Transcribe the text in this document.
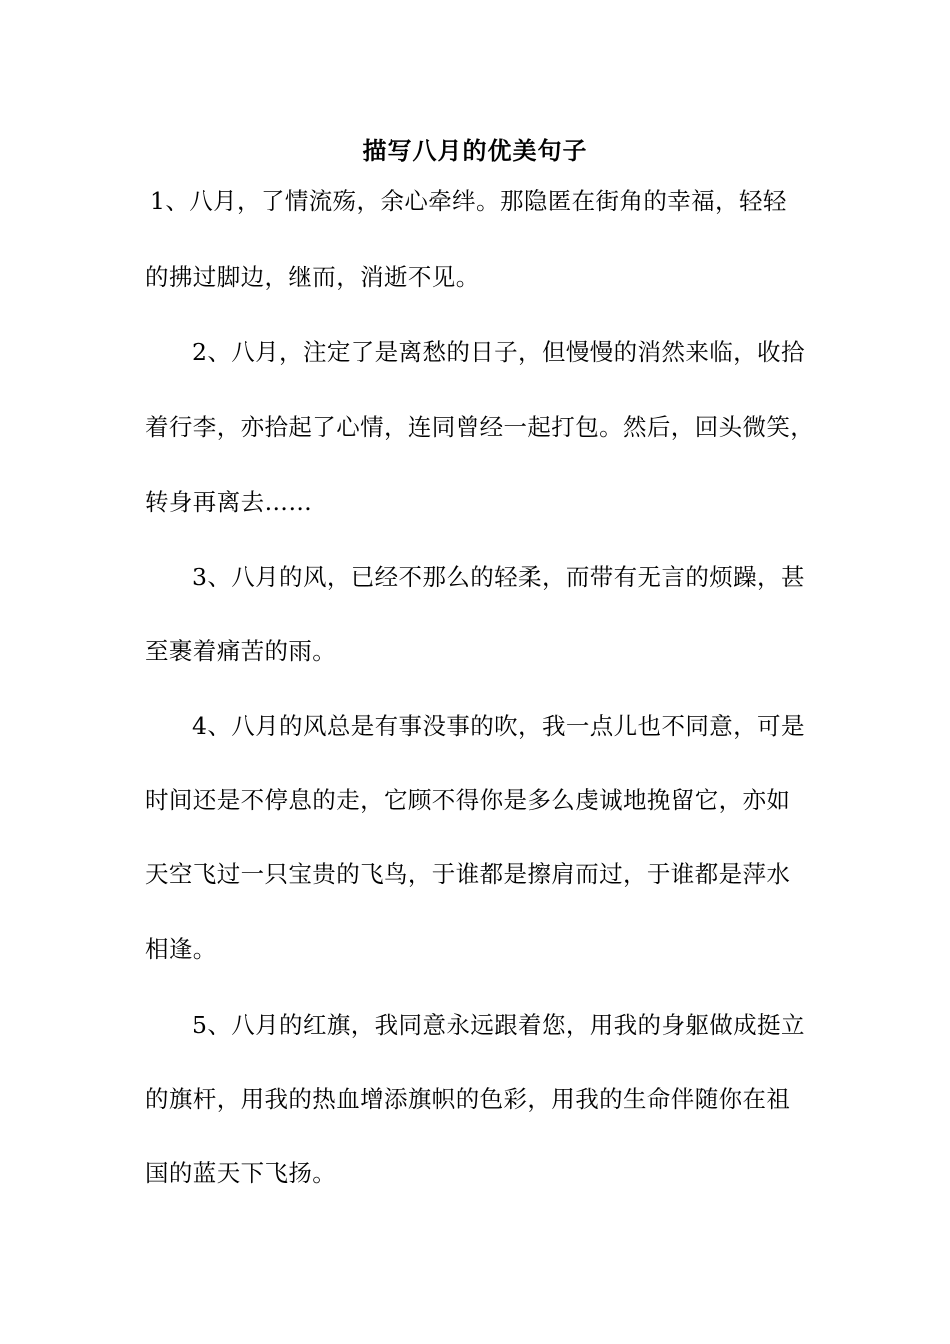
描写八月的优美句子
1、八月，了情流殇，余心牵绊。那隐匿在街角的幸福，轻轻
的拂过脚边，继而，消逝不见。
2、八月，注定了是离愁的日子，但慢慢的消然来临，收拾
着行李，亦拾起了心情，连同曾经一起打包。然后，回头微笑，
转身再离去……
3、八月的风，已经不那么的轻柔，而带有无言的烦躁，甚
至裹着痛苦的雨。
4、八月的风总是有事没事的吹，我一点儿也不同意，可是
时间还是不停息的走，它顾不得你是多么虔诚地挽留它，亦如
天空飞过一只宝贵的飞鸟，于谁都是擦肩而过，于谁都是萍水
相逢。
5、八月的红旗，我同意永远跟着您，用我的身躯做成挺立
的旗杆，用我的热血增添旗帜的色彩，用我的生命伴随你在祖
国的蓝天下飞扬。
